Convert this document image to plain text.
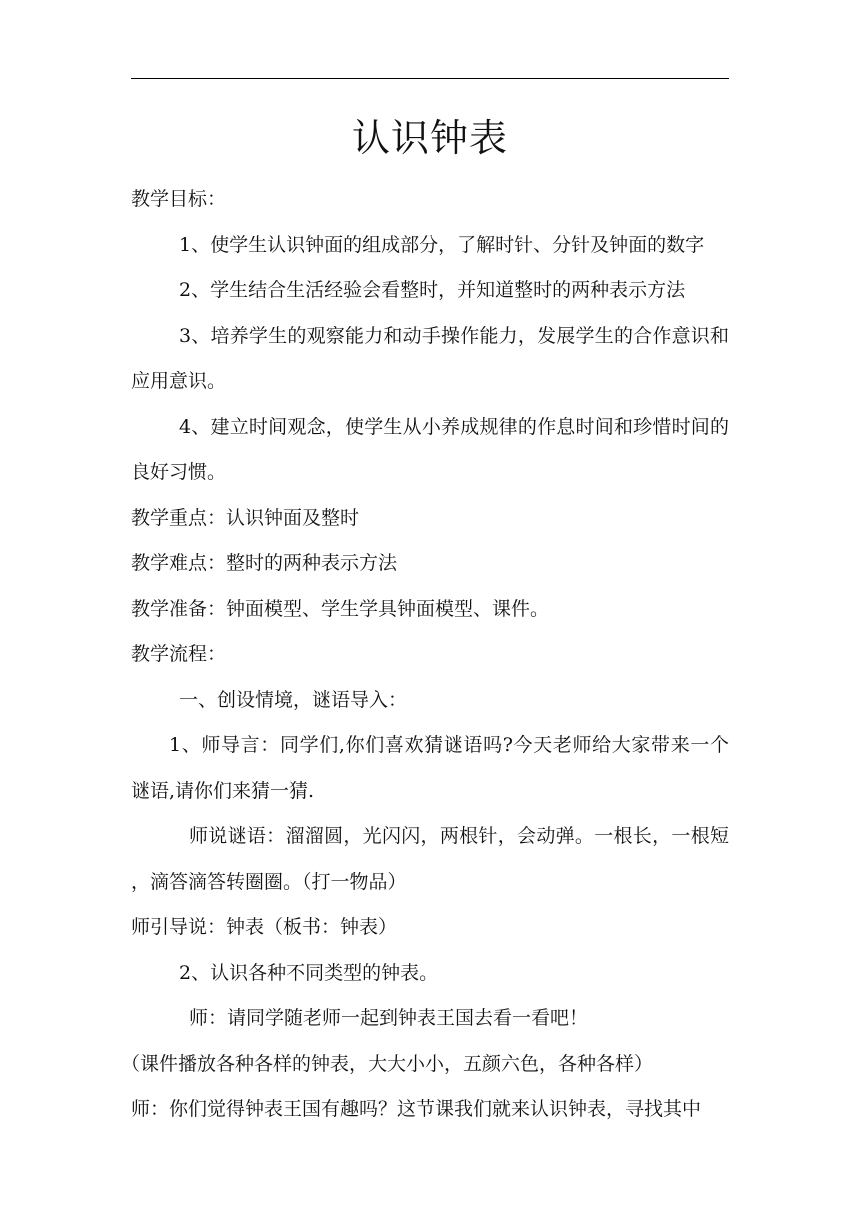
认识钟表

教学目标：

1、使学生认识钟面的组成部分，了解时针、分针及钟面的数字

2、学生结合生活经验会看整时，并知道整时的两种表示方法

3、培养学生的观察能力和动手操作能力，发展学生的合作意识和应用意识。

4、建立时间观念，使学生从小养成规律的作息时间和珍惜时间的良好习惯。

教学重点：认识钟面及整时

教学难点：整时的两种表示方法

教学准备：钟面模型、学生学具钟面模型、课件。

教学流程：

一、创设情境，谜语导入：

1、师导言：同学们,你们喜欢猜谜语吗?今天老师给大家带来一个谜语,请你们来猜一猜.

师说谜语：溜溜圆，光闪闪，两根针，会动弹。一根长，一根短 ，滴答滴答转圈圈。（打一物品）

师引导说：钟表（板书：钟表）

2、认识各种不同类型的钟表。

师：请同学随老师一起到钟表王国去看一看吧！

（课件播放各种各样的钟表，大大小小，五颜六色，各种各样）

师：你们觉得钟表王国有趣吗？这节课我们就来认识钟表，寻找其中
